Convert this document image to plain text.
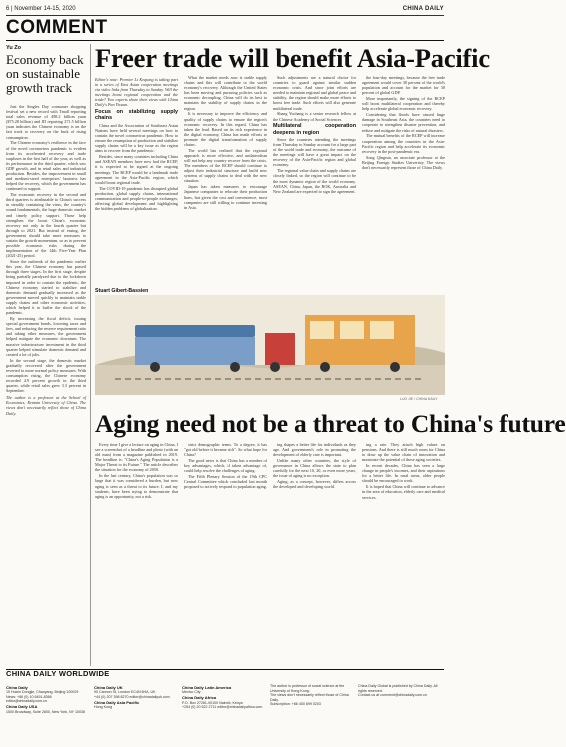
6 | November 14-15, 2020	CHINA DAILY
COMMENT
Yu Zo
Economy back on sustainable growth track

Just the Singles Day consumer shopping festival set a new record with Tmall reporting total sales revenue of 498.2 billion yuan ($75.28 billion) and JD reporting 271.5 billion yuan indicates the Chinese economy is on the fast track to recovery on the back of rising consumption.

The Chinese economy's resilience in the face of the novel coronavirus pandemic is evident from its accelerated recovery and trade surpluses in the first half of the year, as well as its performance in the third quarter, which saw GDP growth, and in retail sales and industrial production. Besides, the improvement in small and medium-sized enterprises' business has helped the recovery, which the government has continued to support.

The economic recovery in the second and third quarters is attributable to China's success in steadily containing the virus, the country's sound fundamentals, the huge domestic market and timely policy support. Those help strengthen the boost China's economic recovery not only in the fourth quarter but through to 2021. But instead of easing, the government should take more measures to sustain the growth momentum, so as to prevent possible economic risks during the implementation of the 14th Five-Year Plan (2021-25) period.

Since the outbreak of the pandemic earlier this year, the Chinese economy has passed through three stages. In the first stage, despite being partially paralyzed due to the lockdown imposed in order to contain the epidemic, the Chinese economy started to stabilize and domestic demand gradually increased as the government moved quickly to maintain stable supply chains and other economic activities, which helped it to buffer the shock of the pandemic.

By increasing the fiscal deficit, issuing special government bonds, lowering taxes and fees, and reducing the reserve requirement ratio and taking other measures, the government helped mitigate the economic downturn. The massive infrastructure investment in the third quarter helped stimulate domestic demand and created a lot of jobs.

In the second stage, the domestic market gradually recovered after the government reverted to more normal policy measures. With consumption rising, the Chinese economy recorded 4.9 percent growth in the third quarter, while retail sales grew 3.3 percent in September.

The author is a professor at the School of Economics, Renmin University of China. The views don't necessarily reflect those of China Daily.

Freer trade will benefit Asia-Pacific

Editor's note: Premier Li Keqiang is taking part in a series of East Asian cooperation meetings via video links from Thursday to Sunday. Will the meetings boost regional cooperation and the trade? Two experts share their views with China Daily's Pan Yixuan.

Focus on stabilizing supply chains

China and the Association of Southeast Asian Nations have held several meetings on how to contain the novel coronavirus pandemic. How to ensure the resumption of production and stabilize supply chains will be a key issue as the region aims to recover from the pandemic.

Besides, since many countries including China and ASEAN members have now had the RCEP, it is expected to be signed at the ongoing meetings. The RCEP would be a landmark trade agreement in the Asia-Pacific region, which would boost regional trade.

The COVID-19 pandemic has disrupted global production, global supply chains, international communication and people-to-people exchanges, affecting global development and highlighting the hidden problems of globalization.

What the market needs now is stable supply chains and this will contribute to the world economy's recovery. Although the United States has been moving and pursuing policies such as economic decoupling, China will do its best to maintain the stability of supply chains in the region.

It is necessary to improve the efficiency and quality of supply chains to ensure the region's economic recovery. In this regard, China has taken the lead. Based on its rich experience in the digital economy, China has made efforts to promote the digital transformation of supply chains.

The world has realized that the regional approach is more effective, and unilateralism will not help any country recover from the crisis. The members of the RCEP should continue to adjust their industrial structure and build new systems of supply chains to deal with the new situation.

Japan has taken measures to encourage Japanese companies to relocate their production lines, but given the cost and convenience, most companies are still willing to continue investing in Asia.

Such adjustments are a natural choice for countries to guard against similar sudden economic crisis. And since joint efforts are needed to maintain regional and global peace and stability, the region should make more efforts to boost free trade. Such efforts will also generate multilateral trade.

Shang Yuchang is a senior research fellow at the Chinese Academy of Social Sciences.

Multilateral cooperation deepens in region

Since the countries attending the meetings from Thursday to Sunday account for a large part of the world trade and economy, the outcome of the meetings will have a great impact on the recovery of the Asia-Pacific region and global economy.

The regional value chain and supply chains are closely linked, so the region will continue to be the most dynamic region of the world economy. ASEAN, China, Japan, the ROK, Australia and New Zealand are expected to sign the agreement.

the four-day meetings, because the free trade agreement would cover 30 percent of the world's population and account for the market for 30 percent of global GDP.

More importantly, the signing of the RCEP will boost multilateral cooperation and thereby help accelerate global economic recovery.

Considering that floods have caused huge damage in Southeast Asia, the countries need to cooperate to strengthen disaster prevention, and reduce and mitigate the risks of natural disasters.

The mutual benefits of the RCEP will increase cooperation among the countries in the Asia-Pacific region and help accelerate its economic recovery in the post-pandemic era.

Song Qingrun, an associate professor at the Beijing Foreign Studies University. The views don't necessarily represent those of China Daily.

Stuart Gibert-Bassien
LUO JIE / CHINA DAILY
Aging need not be a threat to China's future

Every time I give a lecture on aging in China, I see a screenshot of a headline and photo (with an old man) from a magazine published in 2019. The headline is: "China's Aging Population is a Major Threat to its Future." The article describes the situation for the economy of 2050.

In the last century, China's population was so large that it was considered a burden, but now aging is seen as a threat to its future. I, and my students, have been trying to demonstrate that aging is an opportunity, not a risk.

strict demographic terms. To a degree, it has "got old before it became rich". So what hope for China?

The good news is that China has a number of key advantages, which, if taken advantage of, could help resolve the challenges of aging.

The Fifth Plenary Session of the 19th CPC Central Committee which concluded last month proposed to actively respond to population aging.

ing shapes a better life for individuals as they age. And government's role in promoting the development of elderly care is important.

Unlike many other countries, the style of governance in China allows the state to plan carefully for the next 10, 20, or even more years, the issue of aging is no exception.

Aging, as a concept, however, differs across the developed and developing world.

ing a rate. They attach high values on pensions. And there is still much room for China to draw up the value chain of innovation and maximize the potential of these aging societies.

In recent decades, China has seen a large change in people's incomes, and their aspirations for a better life. In rural areas, older people should be encouraged to work.

It is hoped that China will continue to advance in the area of education, elderly care and medical services.

CHINA DAILY WORLDWIDE
China Daily
15 Huixin Dongjie, Chaoyang, Beijing 100029
News: +86 (0) 10 6491-8366 editor@chinadaily.com.cn
China Daily USA
1500 Broadway, Suite 2800, New York, NY 10036
China Daily UK
90 Cannon St, London EC4N 6HA, UK
+44 (0) 207 398 8270 editor@chinadailyuk.com
China Daily Asia Pacific
Hong Kong
China Daily Latin America
Mexico City
China Daily Africa
P.O. Box 27281-00100 Nairobi, Kenya
+254 (0) 20 522 2711 editor@chinadailyafrica.com
The author is professor of social science at the University of Hong Kong.
The views don't necessarily reflect those of China Daily.
Subscription: +86 400 699 0203
China Daily Global is published by China Daily. All rights reserved.
Contact us at comment@chinadaily.com.cn
